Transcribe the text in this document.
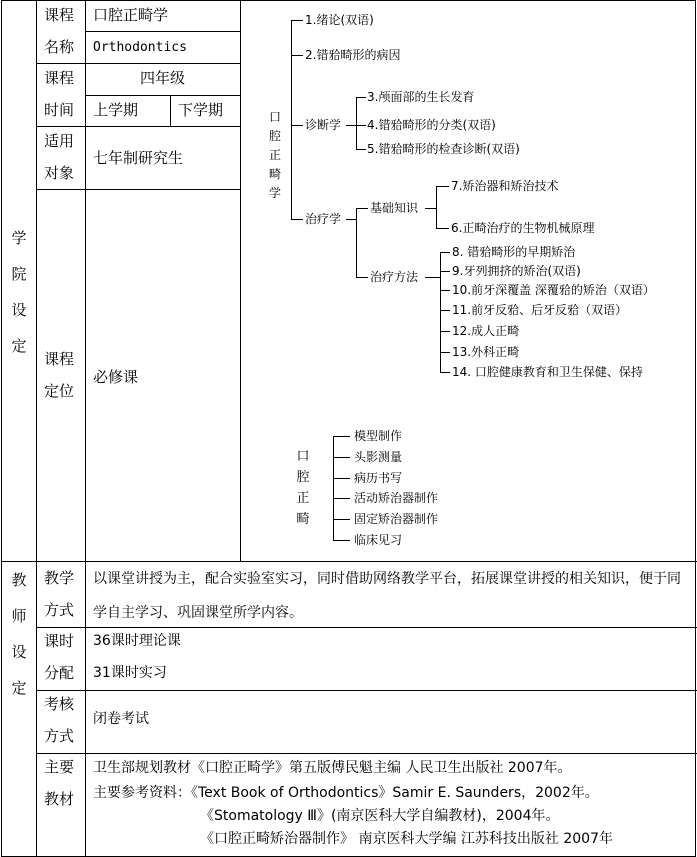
学院设定
教师设定
课程
名称
课程
时间
适用
对象
课程
定位
口腔正畸学
Orthodontics
四年级
上学期	下学期
七年制研究生
必修课
口腔正畸学
1.绪论(双语)
2.错𬌗畸形的病因
诊断学
3.颅面部的生长发育
4.错𬌗畸形的分类(双语)
5.错𬌗畸形的检查诊断(双语)
治疗学
基础知识
7.矫治器和矫治技术
6.正畸治疗的生物机械原理
治疗方法
8. 错𬌗畸形的早期矫治
9.牙列拥挤的矫治(双语)
10.前牙深覆盖 深覆𬌗的矫治（双语）
11.前牙反𬌗、后牙反𬌗（双语）
12.成人正畸
13.外科正畸
14. 口腔健康教育和卫生保健、保持
口腔正畸
模型制作
头影测量
病历书写
活动矫治器制作
固定矫治器制作
临床见习
教学
方式
课时
分配
考核
方式
主要
教材
以课堂讲授为主，配合实验室实习，同时借助网络教学平台，拓展课堂讲授的相关知识，便于同学自主学习、巩固课堂所学内容。
36课时理论课
31课时实习
闭卷考试
卫生部规划教材《口腔正畸学》第五版傅民魁主编 人民卫生出版社 2007年。
主要参考资料：《Text Book of Orthodontics》Samir E. Saunders，2002年。
《Stomatology Ⅲ》(南京医科大学自编教材)，2004年。
《口腔正畸矫治器制作》 南京医科大学编 江苏科技出版社 2007年
